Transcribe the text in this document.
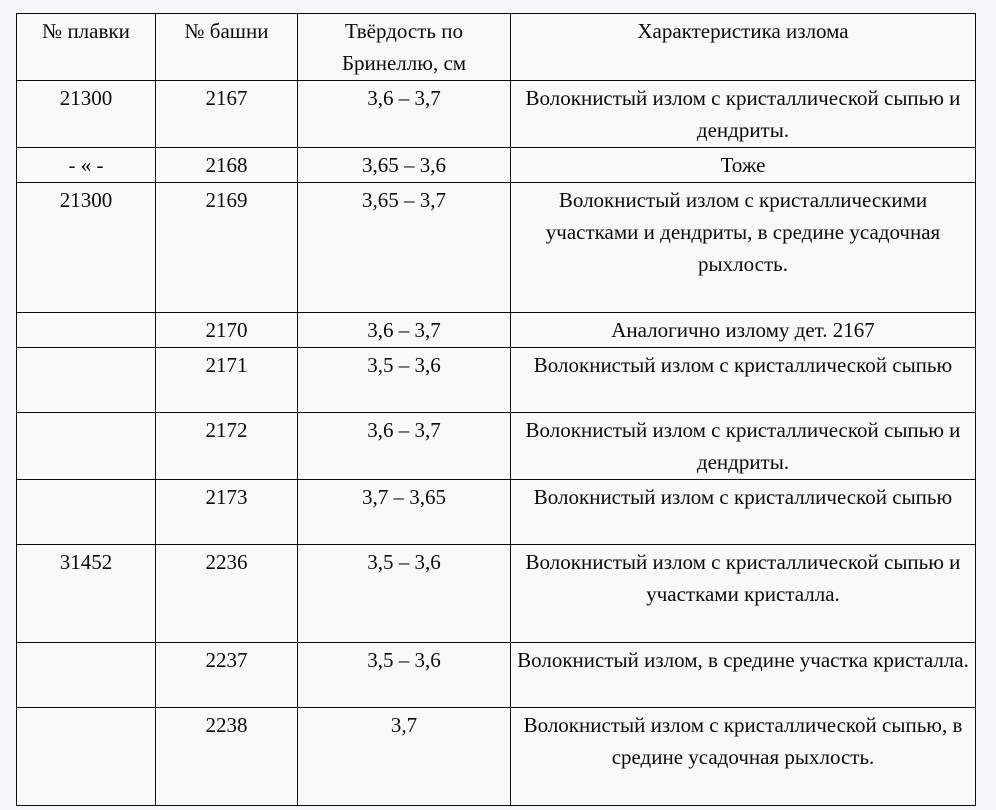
№ плавки	№ башни	Твёрдость по Бринеллю, см	Характеристика излома
21300	2167	3,6 – 3,7	Волокнистый излом с кристаллической сыпью и дендриты.
- « -	2168	3,65 – 3,6	Тоже
21300	2169	3,65 – 3,7	Волокнистый излом с кристаллическими участками и дендриты, в средине усадочная рыхлость.
	2170	3,6 – 3,7	Аналогично излому дет. 2167
	2171	3,5 – 3,6	Волокнистый излом с кристаллической сыпью
	2172	3,6 – 3,7	Волокнистый излом с кристаллической сыпью и дендриты.
	2173	3,7 – 3,65	Волокнистый излом с кристаллической сыпью
31452	2236	3,5 – 3,6	Волокнистый излом с кристаллической сыпью и участками кристалла.
	2237	3,5 – 3,6	Волокнистый излом, в средине участка кристалла.
	2238	3,7	Волокнистый излом с кристаллической сыпью, в средине усадочная рыхлость.
